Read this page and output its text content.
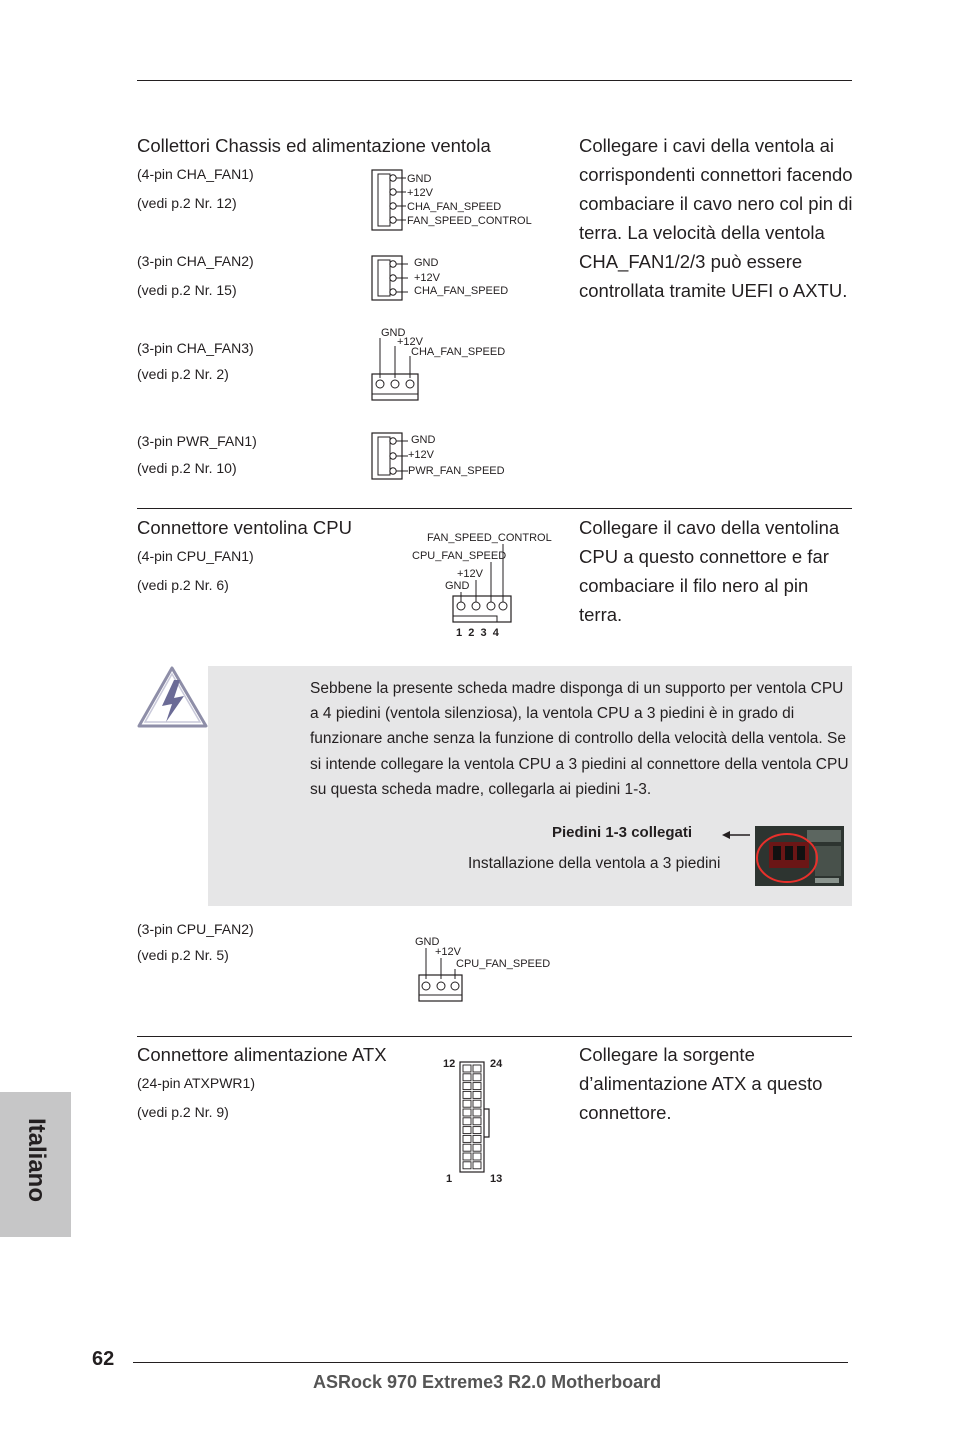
Collettori Chassis ed alimentazione ventola	Collegare i cavi della ventola ai corrispondenti connettori facendo combaciare il cavo nero col pin di terra. La velocità della ventola CHA_FAN1/2/3 può essere controllata tramite UEFI o AXTU.
(4-pin CHA_FAN1)
(vedi p.2 Nr. 12)
GND
+12V
CHA_FAN_SPEED
FAN_SPEED_CONTROL
(3-pin CHA_FAN2)
(vedi p.2 Nr. 15)
GND
+12V
CHA_FAN_SPEED
(3-pin CHA_FAN3)
(vedi p.2 Nr. 2)
GND
+12V
CHA_FAN_SPEED
(3-pin PWR_FAN1)
(vedi p.2 Nr. 10)
GND
+12V
PWR_FAN_SPEED
Connettore ventolina CPU
(4-pin CPU_FAN1)
(vedi p.2 Nr. 6)
Collegare il cavo della ventolina CPU a questo connettore e far combaciare il filo nero al pin terra.
FAN_SPEED_CONTROL
CPU_FAN_SPEED
+12V
GND
1  2  3  4
Sebbene la presente scheda madre disponga di un supporto per ventola CPU a 4 piedini (ventola silenziosa), la ventola CPU a 3 piedini è in grado di funzionare anche senza la funzione di controllo della velocità della ventola. Se si intende collegare la ventola CPU a 3 piedini al connettore della ventola CPU su questa scheda madre, collegarla ai piedini 1-3.
Piedini 1-3 collegati
Installazione della ventola a 3 piedini
(3-pin CPU_FAN2)
(vedi p.2 Nr. 5)
GND
+12V
CPU_FAN_SPEED
Connettore alimentazione ATX
(24-pin ATXPWR1)
(vedi p.2 Nr. 9)
Collegare la sorgente d’alimentazione ATX a questo connettore.
12	24
1	13
Italiano
62
ASRock 970 Extreme3 R2.0 Motherboard
